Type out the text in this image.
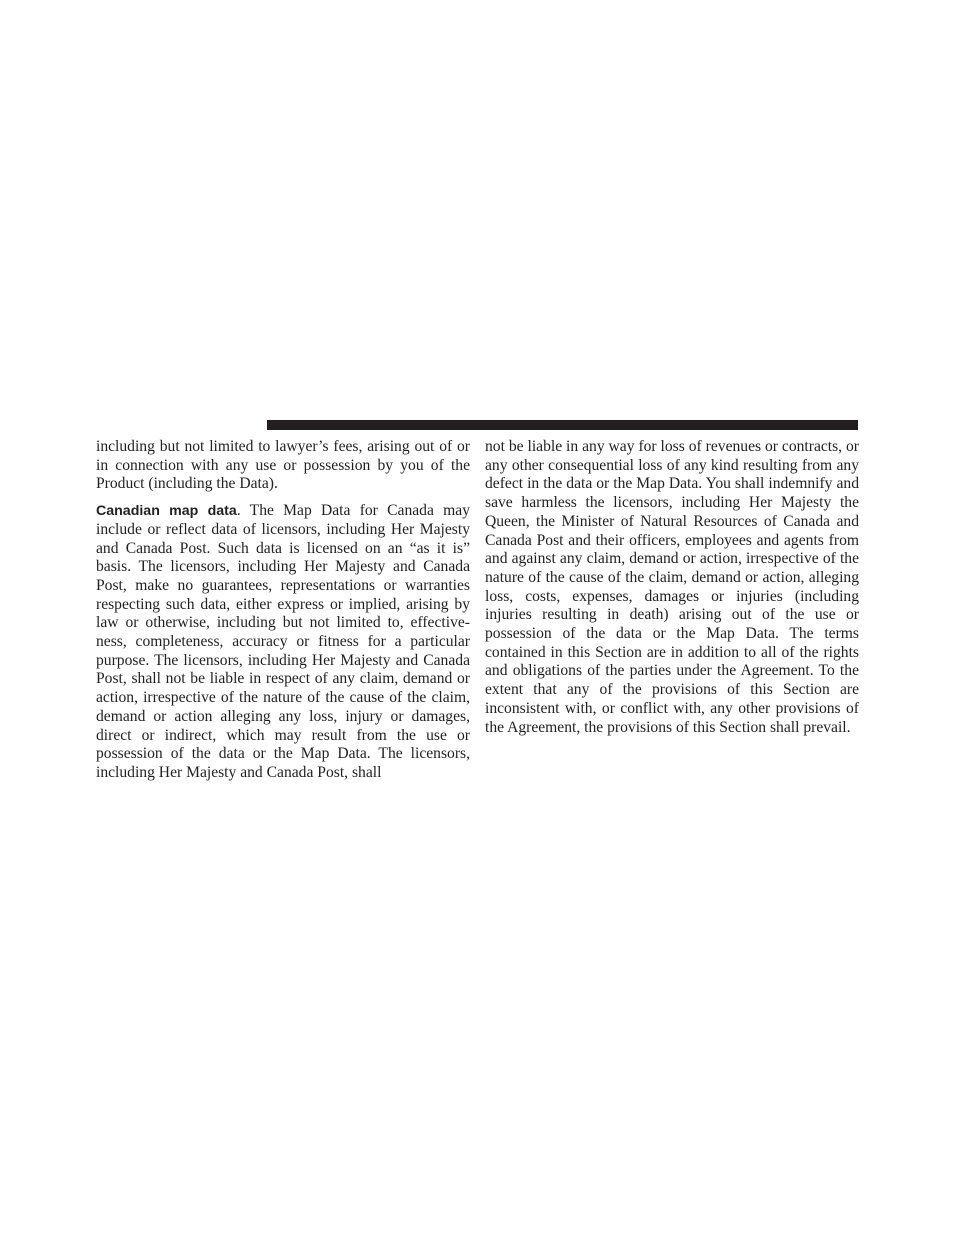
including but not limited to lawyer’s fees, arising out of or in connection with any use or possession by you of the Product (including the Data).

Canadian map data. The Map Data for Canada may include or reflect data of licensors, including Her Majesty and Canada Post. Such data is licensed on an “as it is” basis. The licensors, including Her Majesty and Canada Post, make no guarantees, representations or warranties respecting such data, either express or implied, arising by law or otherwise, including but not limited to, effectiveness, completeness, accuracy or fitness for a particular purpose. The licensors, including Her Majesty and Canada Post, shall not be liable in respect of any claim, demand or action, irrespective of the nature of the cause of the claim, demand or action alleging any loss, injury or damages, direct or indirect, which may result from the use or possession of the data or the Map Data. The licensors, including Her Majesty and Canada Post, shall

not be liable in any way for loss of revenues or contracts, or any other consequential loss of any kind resulting from any defect in the data or the Map Data. You shall indemnify and save harmless the licensors, including Her Majesty the Queen, the Minister of Natural Resources of Canada and Canada Post and their officers, employees and agents from and against any claim, demand or action, irrespective of the nature of the cause of the claim, demand or action, alleging loss, costs, expenses, damages or injuries (including injuries resulting in death) arising out of the use or possession of the data or the Map Data. The terms contained in this Section are in addition to all of the rights and obligations of the parties under the Agreement. To the extent that any of the provisions of this Section are inconsistent with, or conflict with, any other provisions of the Agreement, the provisions of this Section shall prevail.
